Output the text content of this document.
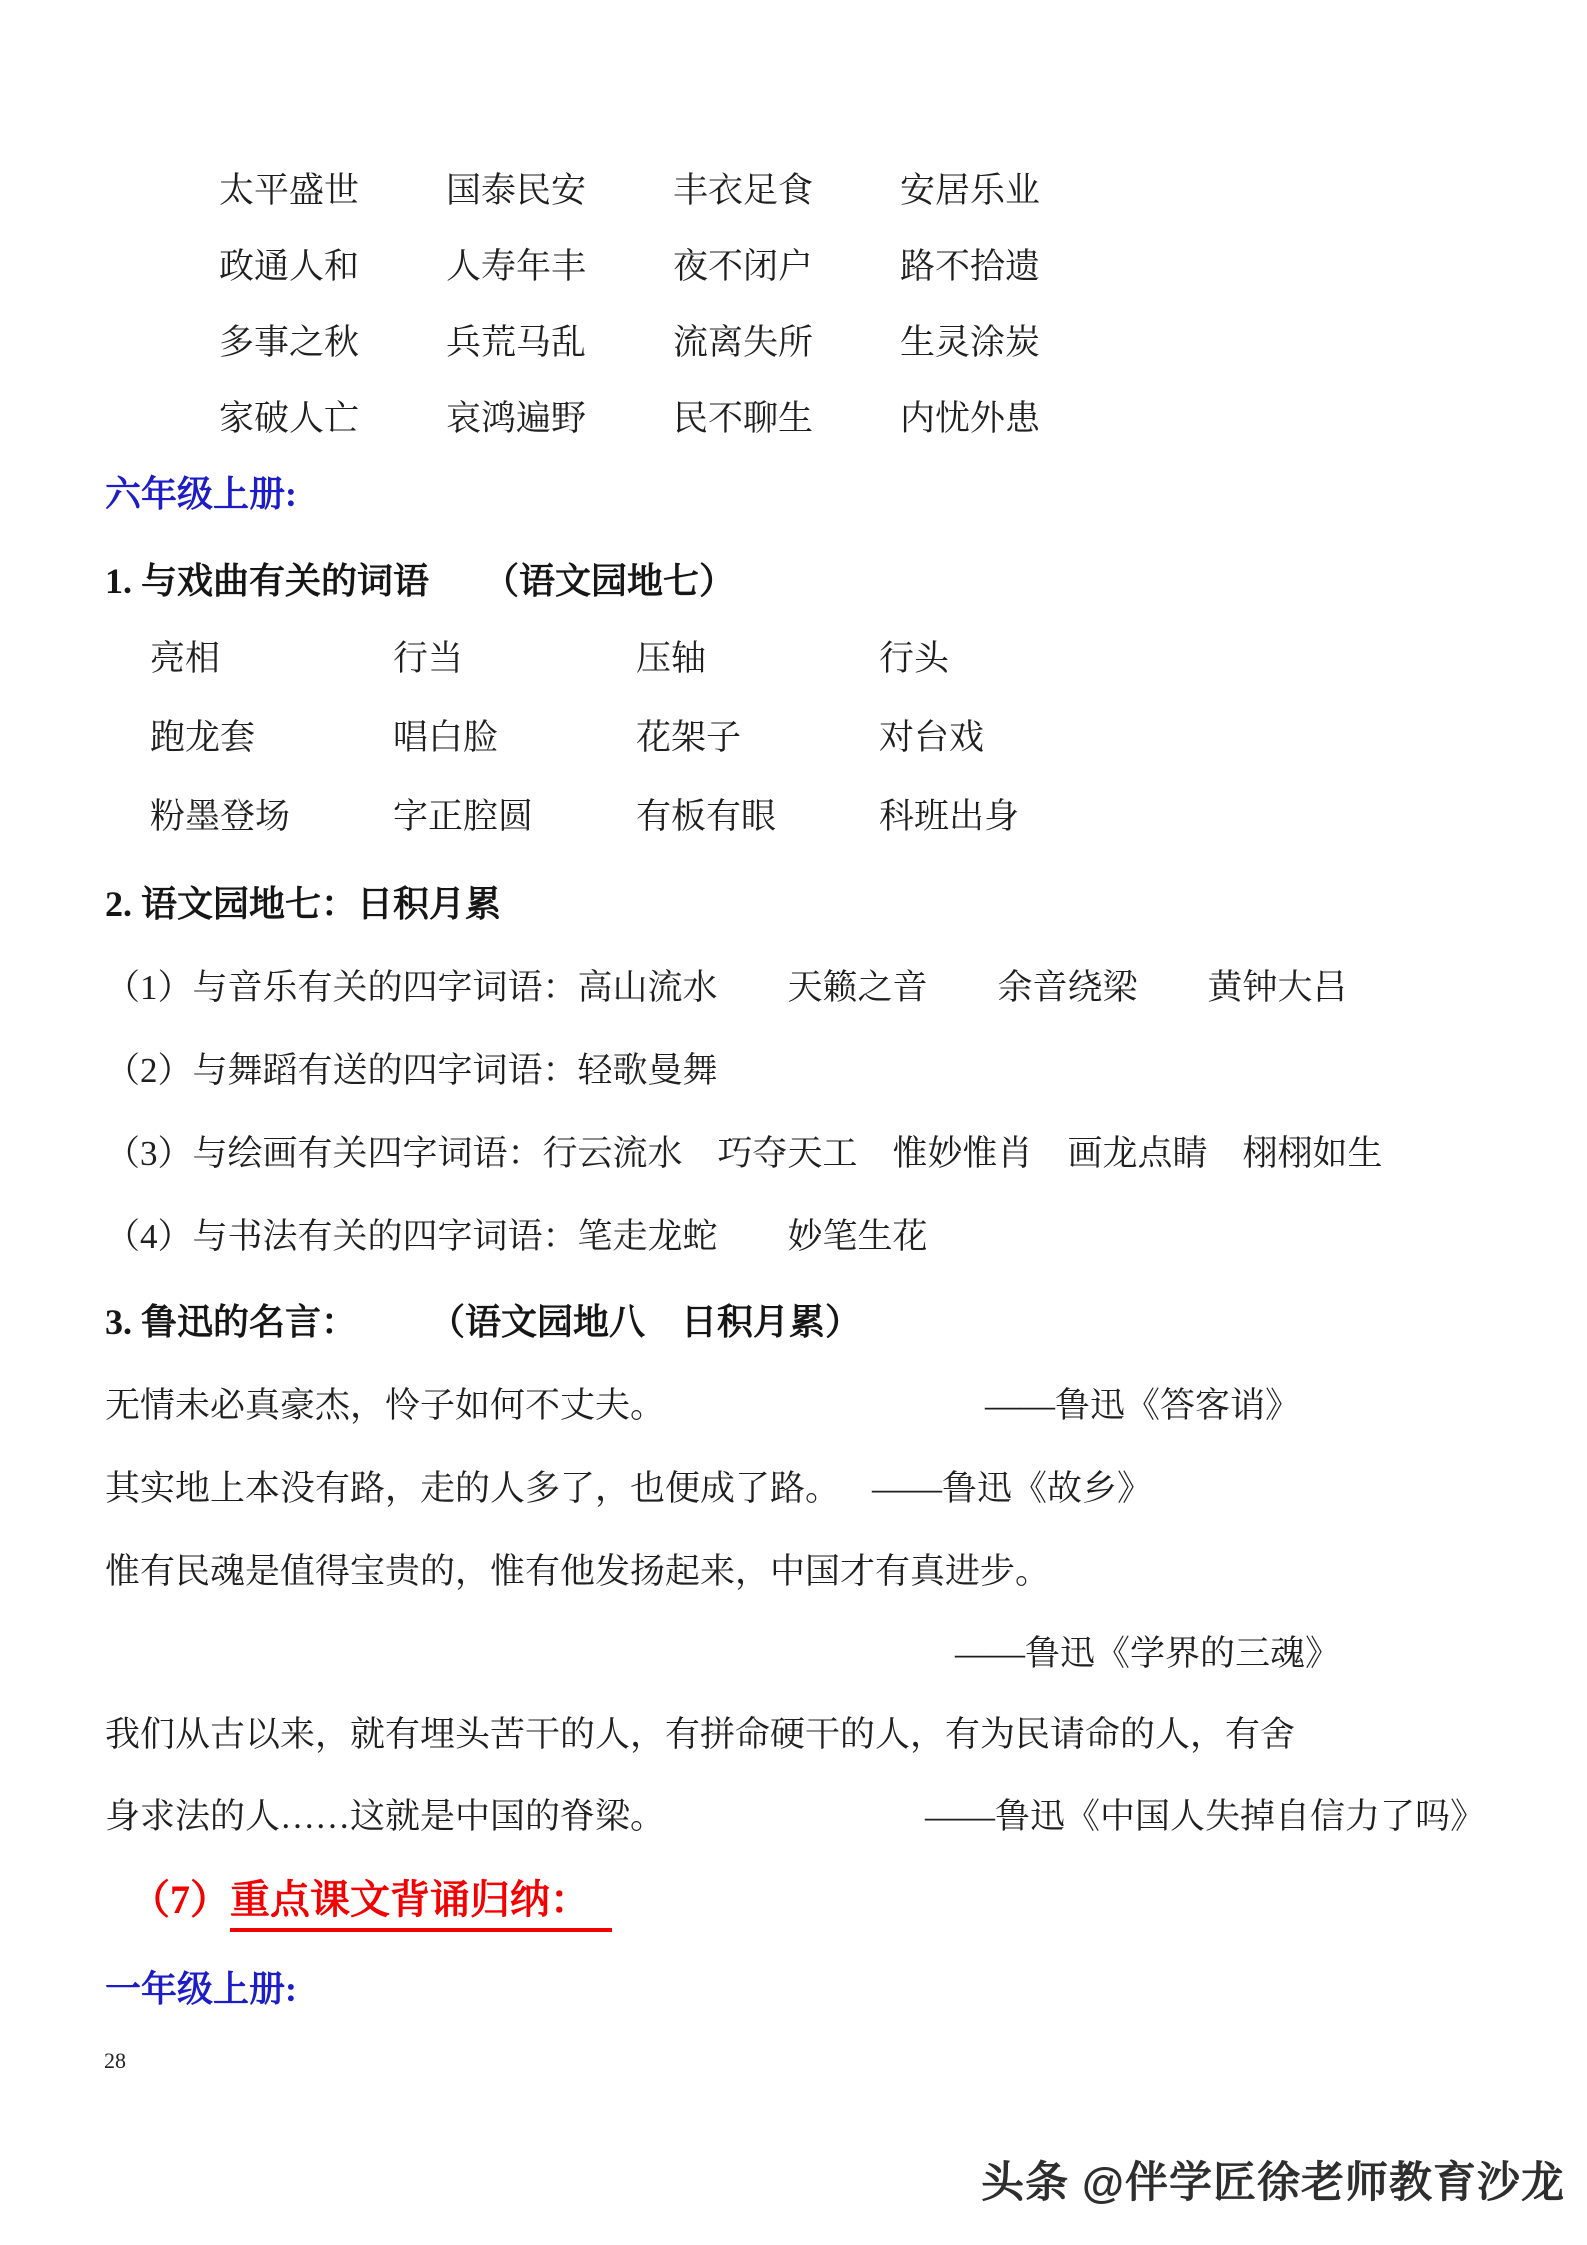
太平盛世	国泰民安	丰衣足食	安居乐业
政通人和	人寿年丰	夜不闭户	路不拾遗
多事之秋	兵荒马乱	流离失所	生灵涂炭
家破人亡	哀鸿遍野	民不聊生	内忧外患
六年级上册:
1. 与戏曲有关的词语　　（语文园地七）
亮相	行当	压轴	行头
跑龙套	唱白脸	花架子	对台戏
粉墨登场	字正腔圆	有板有眼	科班出身
2. 语文园地七：日积月累
（1）与音乐有关的四字词语：高山流水　　天籁之音　　余音绕梁　　黄钟大吕
（2）与舞蹈有送的四字词语：轻歌曼舞
（3）与绘画有关四字词语：行云流水　巧夺天工　惟妙惟肖　画龙点睛　栩栩如生
（4）与书法有关的四字词语：笔走龙蛇　　妙笔生花
3. 鲁迅的名言：　　　（语文园地八　日积月累）
无情未必真豪杰，怜子如何不丈夫。	——鲁迅《答客诮》
其实地上本没有路，走的人多了，也便成了路。 ——鲁迅《故乡》
惟有民魂是值得宝贵的，惟有他发扬起来，中国才有真进步。
——鲁迅《学界的三魂》
我们从古以来，就有埋头苦干的人，有拼命硬干的人，有为民请命的人，有舍
身求法的人……这就是中国的脊梁。	——鲁迅《中国人失掉自信力了吗》
（7）重点课文背诵归纳：
一年级上册:
28
头条 @伴学匠徐老师教育沙龙
